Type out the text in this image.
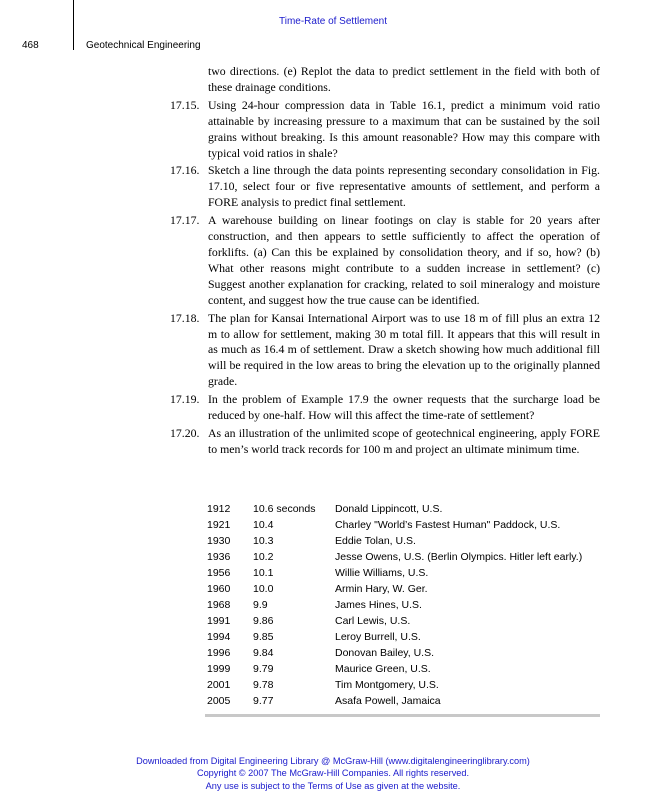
Time-Rate of Settlement
468	Geotechnical Engineering
two directions. (e) Replot the data to predict settlement in the field with both of these drainage conditions.
17.15. Using 24-hour compression data in Table 16.1, predict a minimum void ratio attainable by increasing pressure to a maximum that can be sustained by the soil grains without breaking. Is this amount reasonable? How may this compare with typical void ratios in shale?
17.16. Sketch a line through the data points representing secondary consolidation in Fig. 17.10, select four or five representative amounts of settlement, and perform a FORE analysis to predict final settlement.
17.17. A warehouse building on linear footings on clay is stable for 20 years after construction, and then appears to settle sufficiently to affect the operation of forklifts. (a) Can this be explained by consolidation theory, and if so, how? (b) What other reasons might contribute to a sudden increase in settlement? (c) Suggest another explanation for cracking, related to soil mineralogy and moisture content, and suggest how the true cause can be identified.
17.18. The plan for Kansai International Airport was to use 18 m of fill plus an extra 12 m to allow for settlement, making 30 m total fill. It appears that this will result in as much as 16.4 m of settlement. Draw a sketch showing how much additional fill will be required in the low areas to bring the elevation up to the originally planned grade.
17.19. In the problem of Example 17.9 the owner requests that the surcharge load be reduced by one-half. How will this affect the time-rate of settlement?
17.20. As an illustration of the unlimited scope of geotechnical engineering, apply FORE to men’s world track records for 100 m and project an ultimate minimum time.
1912	10.6 seconds	Donald Lippincott, U.S.
1921	10.4	Charley "World’s Fastest Human" Paddock, U.S.
1930	10.3	Eddie Tolan, U.S.
1936	10.2	Jesse Owens, U.S. (Berlin Olympics. Hitler left early.)
1956	10.1	Willie Williams, U.S.
1960	10.0	Armin Hary, W. Ger.
1968	9.9	James Hines, U.S.
1991	9.86	Carl Lewis, U.S.
1994	9.85	Leroy Burrell, U.S.
1996	9.84	Donovan Bailey, U.S.
1999	9.79	Maurice Green, U.S.
2001	9.78	Tim Montgomery, U.S.
2005	9.77	Asafa Powell, Jamaica
Downloaded from Digital Engineering Library @ McGraw-Hill (www.digitalengineeringlibrary.com)
Copyright © 2007 The McGraw-Hill Companies. All rights reserved.
Any use is subject to the Terms of Use as given at the website.
